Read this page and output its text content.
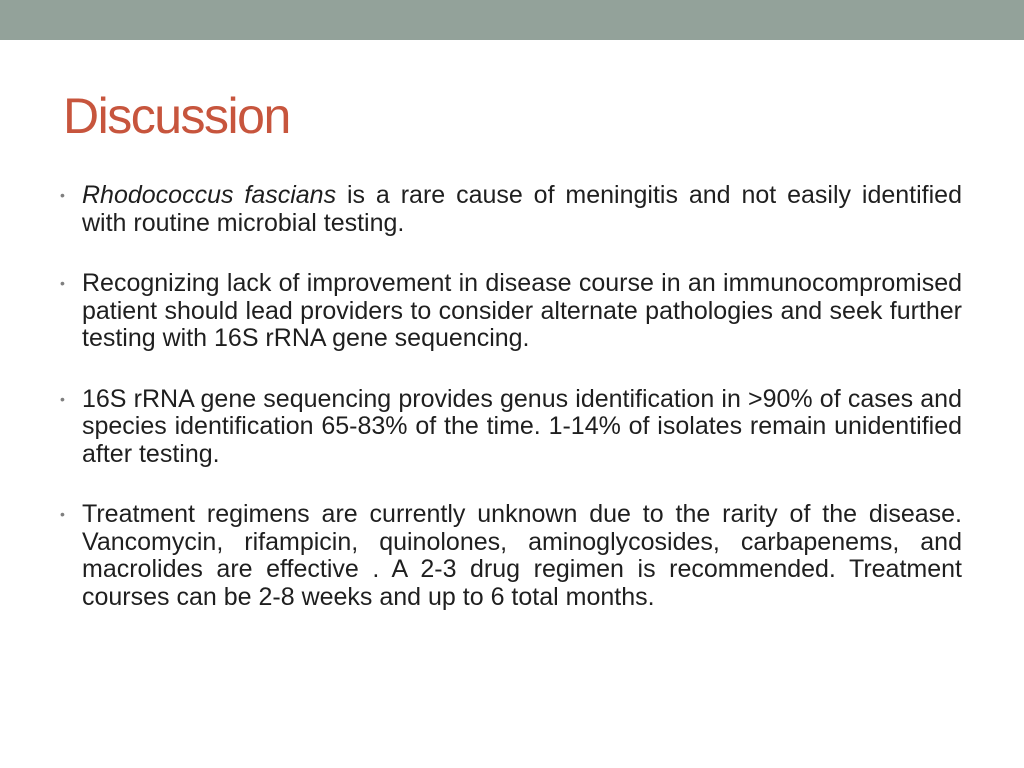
Discussion
• Rhodococcus fascians is a rare cause of meningitis and not easily identified with routine microbial testing.
• Recognizing lack of improvement in disease course in an immunocompromised patient should lead providers to consider alternate pathologies and seek further testing with 16S rRNA gene sequencing.
• 16S rRNA gene sequencing provides genus identification in >90% of cases and species identification 65-83% of the time. 1-14% of isolates remain unidentified after testing.
• Treatment regimens are currently unknown due to the rarity of the disease. Vancomycin, rifampicin, quinolones, aminoglycosides, carbapenems, and macrolides are effective . A 2-3 drug regimen is recommended. Treatment courses can be 2-8 weeks and up to 6 total months.
